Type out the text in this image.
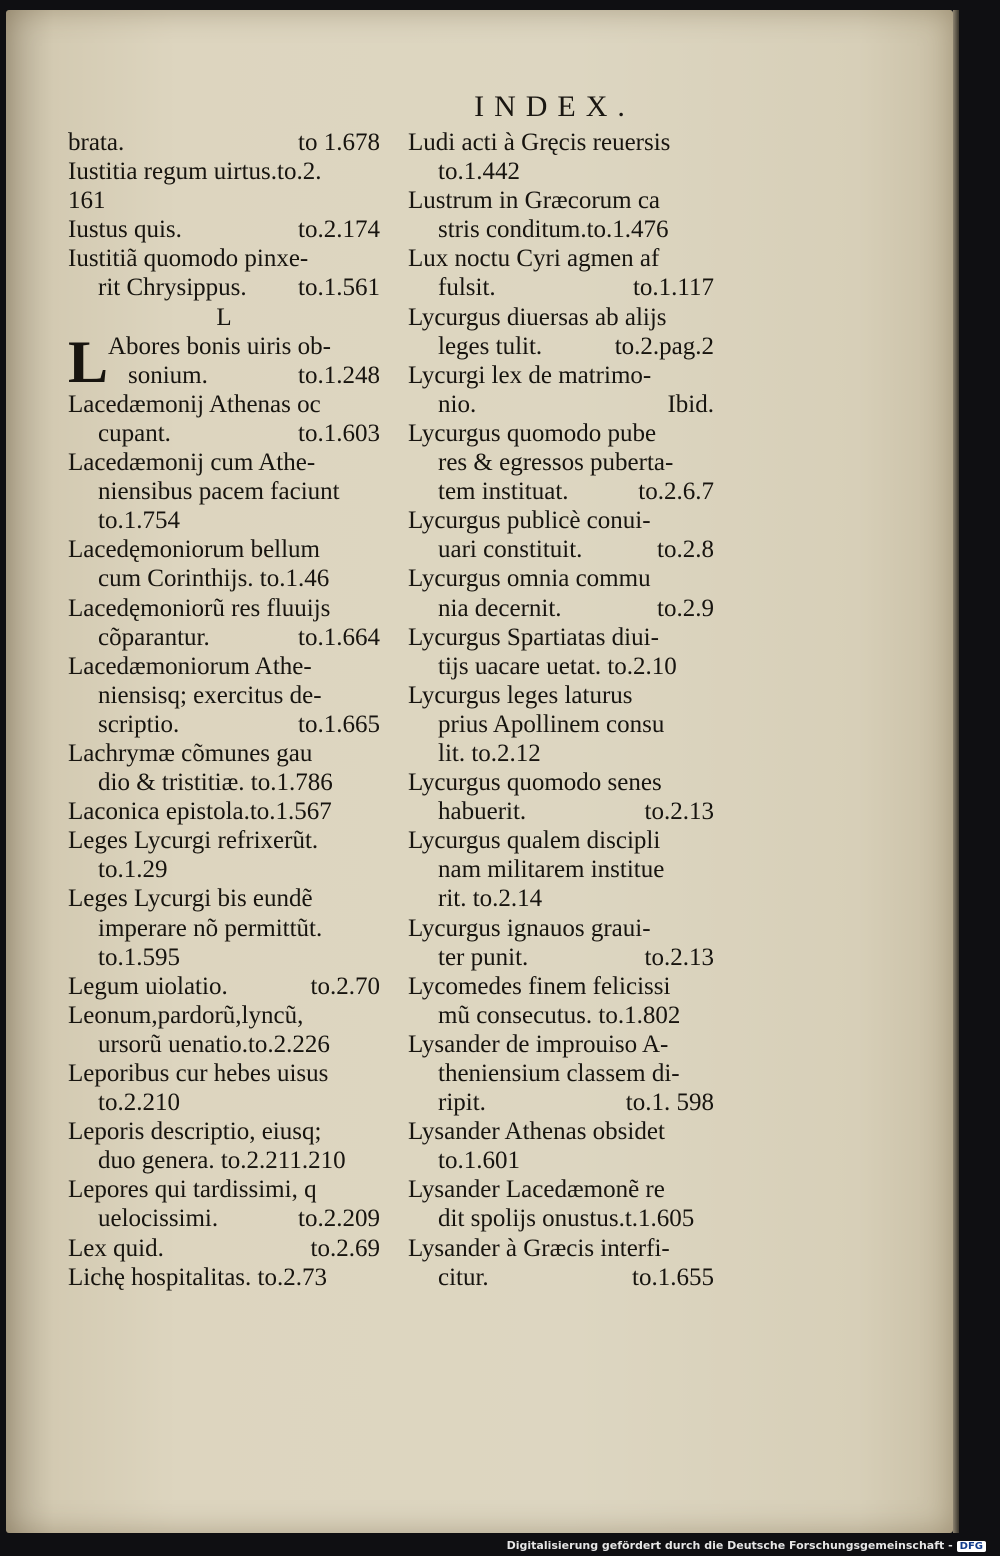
INDEX.
brata.	to 1.678
Iustitia regum uirtus.to.2.
161
Iustus quis.	to.2.174
Iustitiã quomodo pinxe-
rit Chrysippus. to.1.561
L
L Abores bonis uiris ob-
sonium.	to.1.248
Lacedæmonij Athenas oc
cupant.	to.1.603
Lacedæmonij cum Athe-
niensibus pacem faciunt
to.1.754
Lacedęmoniorum bellum
cum Corinthijs. to.1.46
Lacedęmoniorũ res fluuijs
cõparantur.	to.1.664
Lacedæmoniorum Athe-
niensisq; exercitus de-
scriptio.	to.1.665
Lachrymæ cõmunes gau
dio & tristitiæ. to.1.786
Laconica epistola.to.1.567
Leges Lycurgi refrixerũt.
to.1.29
Leges Lycurgi bis eundẽ
imperare nõ permittũt.
to.1.595
Legum uiolatio.	to.2.70
Leonum,pardorũ,lyncũ,
ursorũ uenatio.to.2.226
Leporibus cur hebes uisus
to.2.210
Leporis descriptio, eiusq;
duo genera. to.2.211.210
Lepores qui tardissimi, q
uelocissimi.	to.2.209
Lex quid.	to.2.69
Lichę hospitalitas. to.2.73
Ludi acti à Gręcis reuersis
to.1.442
Lustrum in Græcorum ca
stris conditum.to.1.476
Lux noctu Cyri agmen af
fulsit.	to.1.117
Lycurgus diuersas ab alijs
leges tulit.	to.2.pag.2
Lycurgi lex de matrimo-
nio.	Ibid.
Lycurgus quomodo pube
res & egressos puberta-
tem instituat.	to.2.6.7
Lycurgus publicè conui-
uari constituit.	to.2.8
Lycurgus omnia commu
nia decernit.	to.2.9
Lycurgus Spartiatas diui-
tijs uacare uetat. to.2.10
Lycurgus leges laturus
prius Apollinem consu
lit. to.2.12
Lycurgus quomodo senes
habuerit.	to.2.13
Lycurgus qualem discipli
nam militarem institue
rit. to.2.14
Lycurgus ignauos graui-
ter punit.	to.2.13
Lycomedes finem felicissi
mũ consecutus. to.1.802
Lysander de improuiso A-
theniensium classem di-
ripit.	to.1. 598
Lysander Athenas obsidet
to.1.601
Lysander Lacedæmonẽ re
dit spolijs onustus.t.1.605
Lysander à Græcis interfi-
citur.	to.1.655
Digitalisierung gefördert durch die Deutsche Forschungsgemeinschaft - DFG
